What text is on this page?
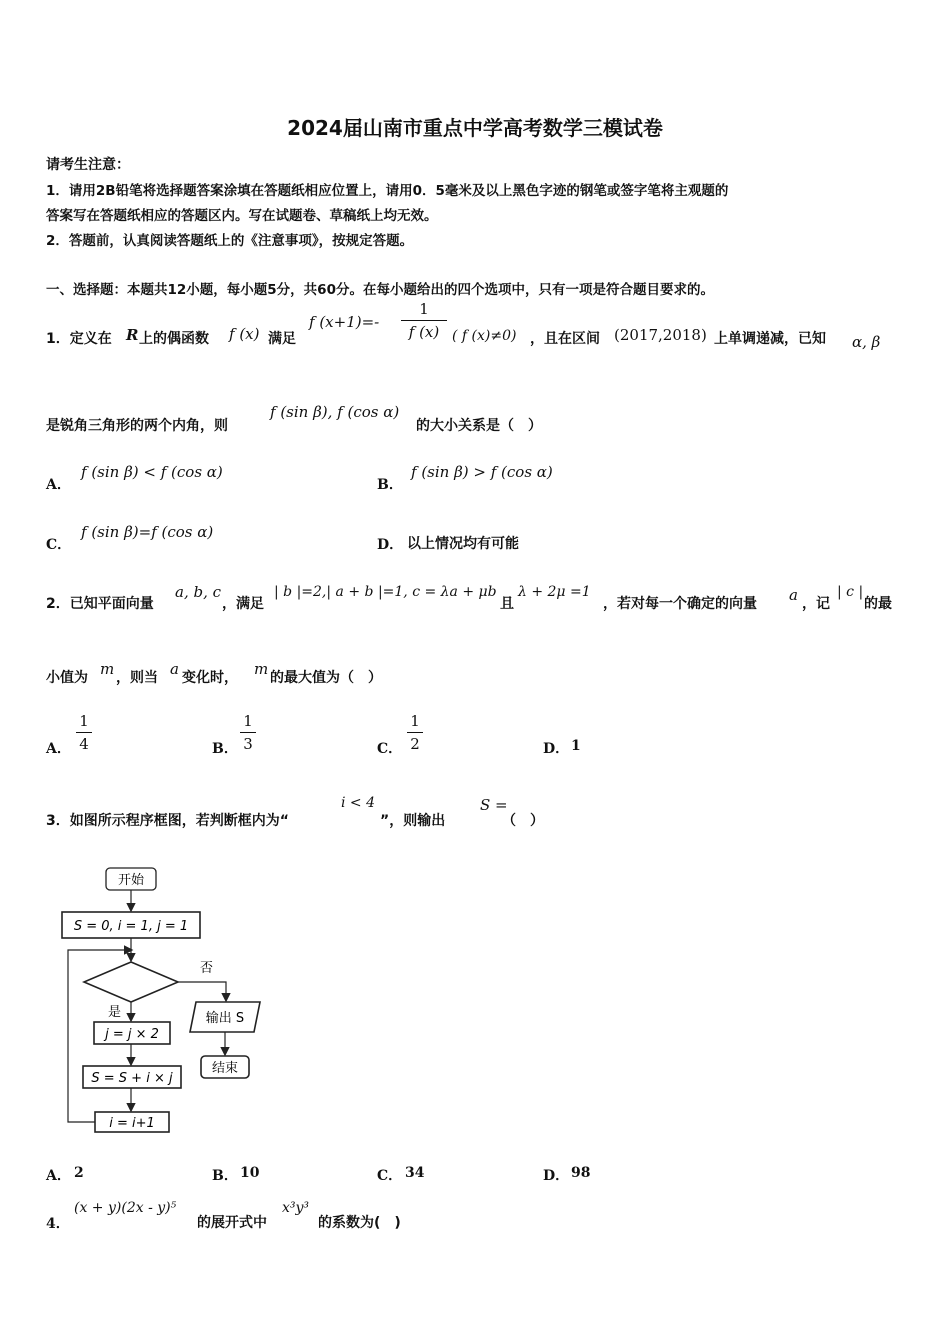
2024届山南市重点中学高考数学三模试卷
请考生注意：
1．请用2B铅笔将选择题答案涂填在答题纸相应位置上，请用0．5毫米及以上黑色字迹的钢笔或签字笔将主观题的
答案写在答题纸相应的答题区内。写在试题卷、草稿纸上均无效。
2．答题前，认真阅读答题纸上的《注意事项》，按规定答题。
一、选择题：本题共12小题，每小题5分，共60分。在每小题给出的四个选项中，只有一项是符合题目要求的。
1．定义在 R 上的偶函数 f (x) 满足
f (x+1)=-
1
f (x) ( f (x)≠0) ，且在区间 (2017,2018) 上单调递减，已知 α, β
是锐角三角形的两个内角，则
f (sin β), f (cos α)
的大小关系是（　）
A．
f (sin β) < f (cos α)
B．
f (sin β) > f (cos α)
C．
f (sin β)=f (cos α)
D． 以上情况均有可能
2．已知平面向量
a, b, c
，满足
| b |=2,| a + b |=1, c = λa + μb
且
λ + 2μ =1
，若对每一个确定的向量 a ，记
| c |
的最
小值为 m ，则当 a 变化时， m 的最大值为（　）
A．
1
4	B．
1
3	C．
1
2	D． 1
3．如图所示程序框图，若判断框内为“
i < 4
”，则输出
S =
（　）
开始
S = 0, i = 1, j = 1
否
输出 S
结束
是
j = j × 2
S = S + i × j
i = i+1
A． 2	B． 10	C． 34	D． 98
4．
(x + y)(2x - y)⁵
的展开式中
x³y³
的系数为(　)
